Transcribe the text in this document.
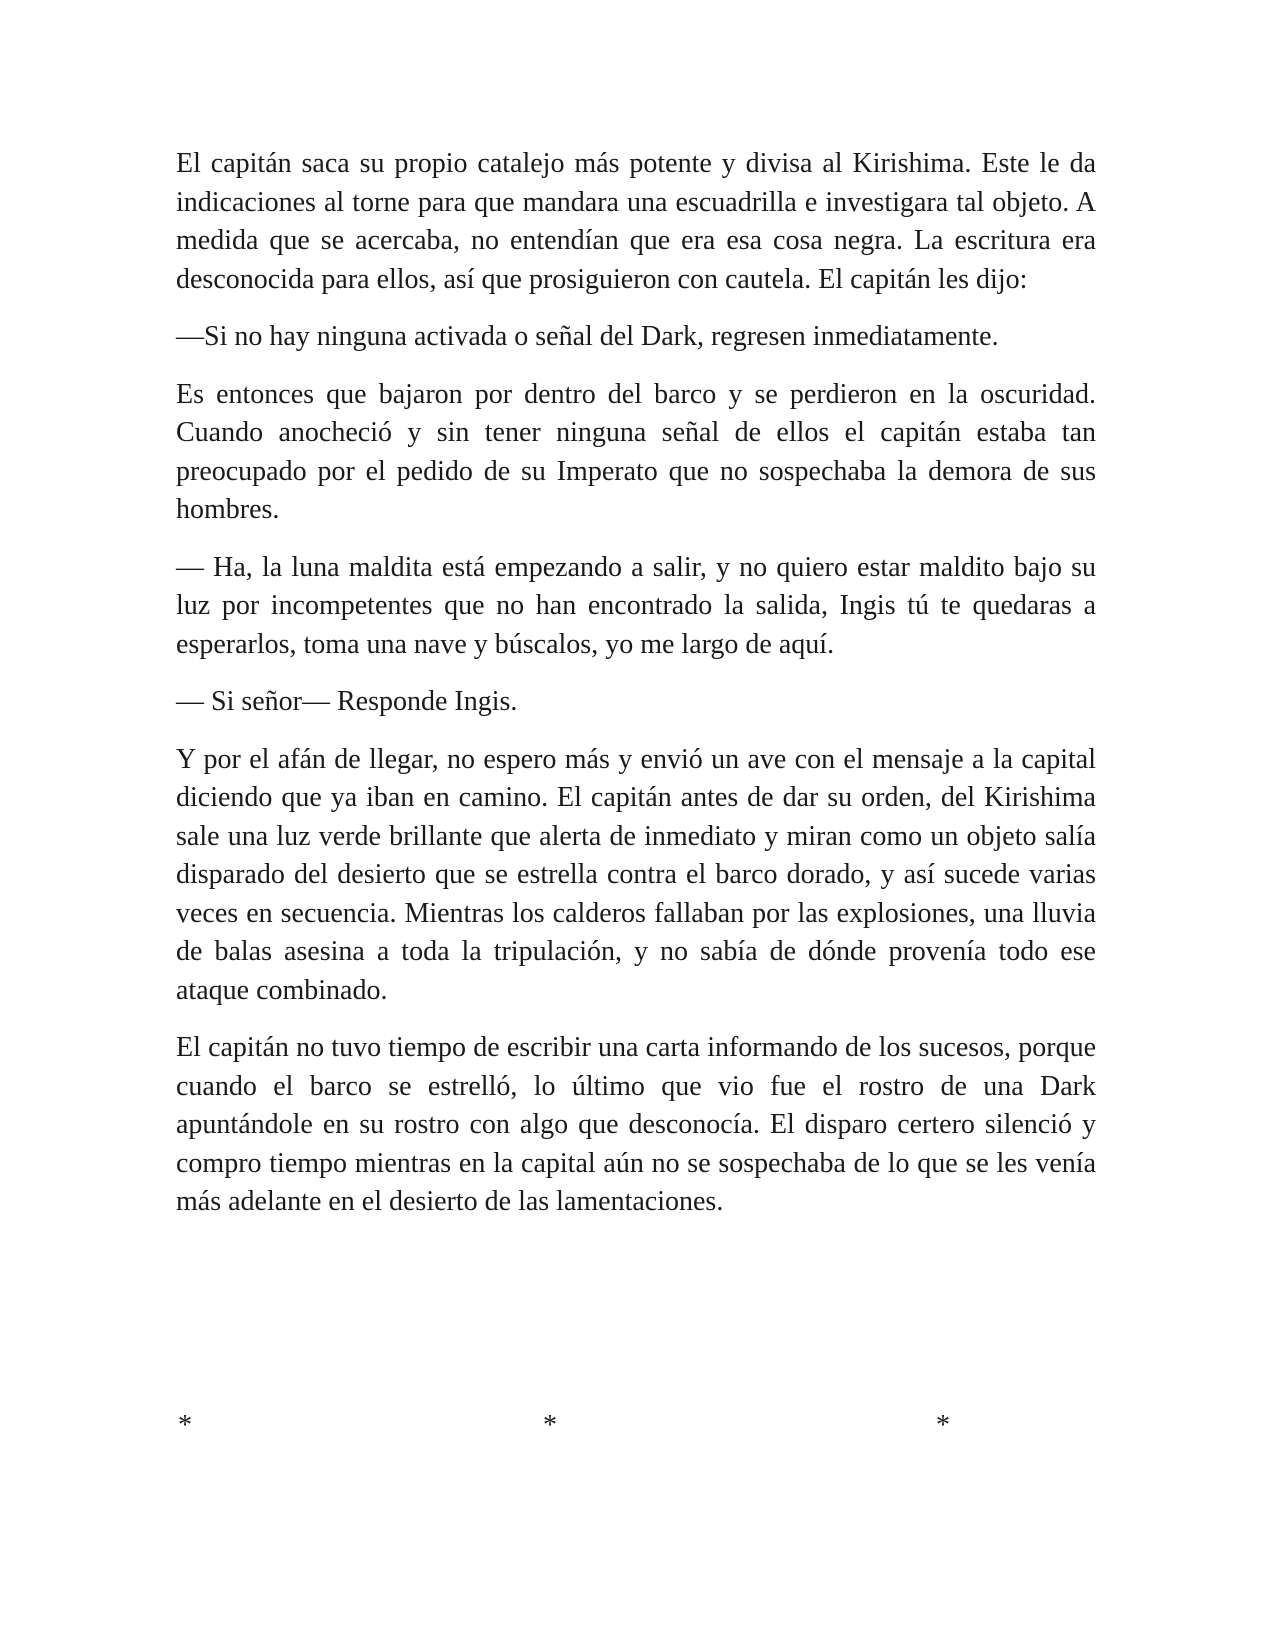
El capitán saca su propio catalejo más potente y divisa al Kirishima. Este le da indicaciones al torne para que mandara una escuadrilla e investigara tal objeto. A medida que se acercaba, no entendían que era esa cosa negra. La escritura era desconocida para ellos, así que prosiguieron con cautela. El capitán les dijo:

—Si no hay ninguna activada o señal del Dark, regresen inmediatamente.

Es entonces que bajaron por dentro del barco y se perdieron en la oscuridad. Cuando anocheció y sin tener ninguna señal de ellos el capitán estaba tan preocupado por el pedido de su Imperato que no sospechaba la demora de sus hombres.

— Ha, la luna maldita está empezando a salir, y no quiero estar maldito bajo su luz por incompetentes que no han encontrado la salida, Ingis tú te quedaras a esperarlos, toma una nave y búscalos, yo me largo de aquí.

— Si señor— Responde Ingis.

Y por el afán de llegar, no espero más y envió un ave con el mensaje a la capital diciendo que ya iban en camino. El capitán antes de dar su orden, del Kirishima sale una luz verde brillante que alerta de inmediato y miran como un objeto salía disparado del desierto que se estrella contra el barco dorado, y así sucede varias veces en secuencia. Mientras los calderos fallaban por las explosiones, una lluvia de balas asesina a toda la tripulación, y no sabía de dónde provenía todo ese ataque combinado.

El capitán no tuvo tiempo de escribir una carta informando de los sucesos, porque cuando el barco se estrelló, lo último que vio fue el rostro de una Dark apuntándole en su rostro con algo que desconocía. El disparo certero silenció y compro tiempo mientras en la capital aún no se sospechaba de lo que se les venía más adelante en el desierto de las lamentaciones.

*	*	*
